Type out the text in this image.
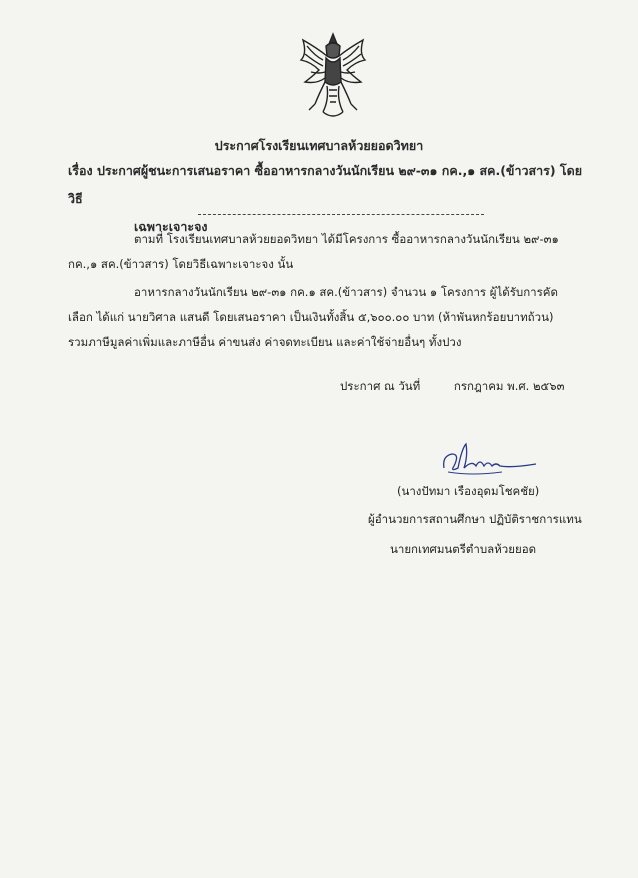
ประกาศโรงเรียนเทศบาลห้วยยอดวิทยา
เรื่อง ประกาศผู้ชนะการเสนอราคา ซื้ออาหารกลางวันนักเรียน ๒๙-๓๑ กค.,๑ สค.(ข้าวสาร) โดยวิธี
เฉพาะเจาะจง
ตามที่ โรงเรียนเทศบาลห้วยยอดวิทยา ได้มีโครงการ ซื้ออาหารกลางวันนักเรียน ๒๙-๓๑ กค.,๑ สค.(ข้าวสาร) โดยวิธีเฉพาะเจาะจง นั้น
อาหารกลางวันนักเรียน ๒๙-๓๑ กค.๑ สค.(ข้าวสาร) จำนวน ๑ โครงการ ผู้ได้รับการคัดเลือก ได้แก่ นายวิศาล แสนดี โดยเสนอราคา เป็นเงินทั้งสิ้น ๕,๖๐๐.๐๐ บาท (ห้าพันหกร้อยบาทถ้วน) รวมภาษีมูลค่าเพิ่มและภาษีอื่น ค่าขนส่ง ค่าจดทะเบียน และค่าใช้จ่ายอื่นๆ ทั้งปวง
ประกาศ ณ วันที่	กรกฎาคม พ.ศ. ๒๕๖๓
(นางปัทมา เรืองอุดมโชคชัย)
ผู้อำนวยการสถานศึกษา ปฏิบัติราชการแทน
นายกเทศมนตรีตำบลห้วยยอด
